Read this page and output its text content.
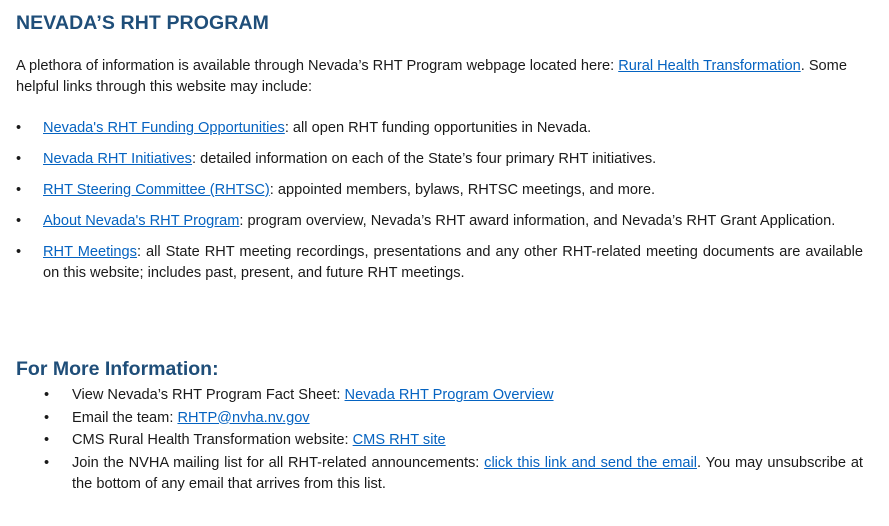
NEVADA’S RHT PROGRAM

A plethora of information is available through Nevada’s RHT Program webpage located here: Rural Health Transformation. Some helpful links through this website may include:

• Nevada's RHT Funding Opportunities: all open RHT funding opportunities in Nevada.
• Nevada RHT Initiatives: detailed information on each of the State’s four primary RHT initiatives.
• RHT Steering Committee (RHTSC): appointed members, bylaws, RHTSC meetings, and more.
• About Nevada's RHT Program: program overview, Nevada’s RHT award information, and Nevada’s RHT Grant Application.
• RHT Meetings: all State RHT meeting recordings, presentations and any other RHT-related meeting documents are available on this website; includes past, present, and future RHT meetings.
For More Information:
• View Nevada’s RHT Program Fact Sheet: Nevada RHT Program Overview
• Email the team: RHTP@nvha.nv.gov
• CMS Rural Health Transformation website: CMS RHT site
• Join the NVHA mailing list for all RHT-related announcements: click this link and send the email. You may unsubscribe at the bottom of any email that arrives from this list.
